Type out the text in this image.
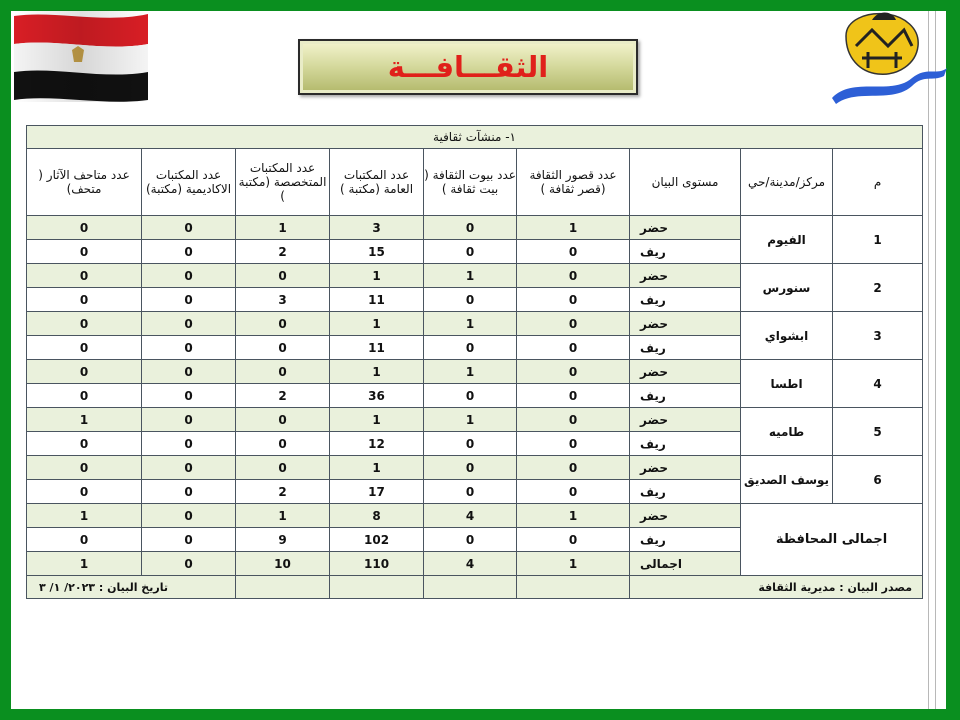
الثقـــافـــة
١- منشآت ثقافية								
م	مركز/مدينة/حي	مستوى البيان	عدد قصور الثقافة (قصر ثقافة )	عدد بيوت الثقافة ( بيت ثقافة )	عدد المكتبات العامة (مكتبة )	عدد المكتبات المتخصصة (مكتبة )	عدد المكتبات الاكاديمية (مكتبة)	عدد متاحف الآثار ( متحف)
1	الفيوم	حضر	1	0	3	1	0	0
		ريف	0	0	15	2	0	0
2	سنورس	حضر	0	1	1	0	0	0
		ريف	0	0	11	3	0	0
3	ابشواي	حضر	0	1	1	0	0	0
		ريف	0	0	11	0	0	0
4	اطسا	حضر	0	1	1	0	0	0
		ريف	0	0	36	2	0	0
5	طاميه	حضر	0	1	1	0	0	1
		ريف	0	0	12	0	0	0
6	يوسف الصديق	حضر	0	0	1	0	0	0
		ريف	0	0	17	2	0	0
اجمالى المحافظة		حضر	1	4	8	1	0	1
		ريف	0	0	102	9	0	0
		اجمالى	1	4	110	10	0	1
مصدر البيان : مديرية الثقافة							تاريخ البيان : ٢٠٢٣/ ١/ ٣	
